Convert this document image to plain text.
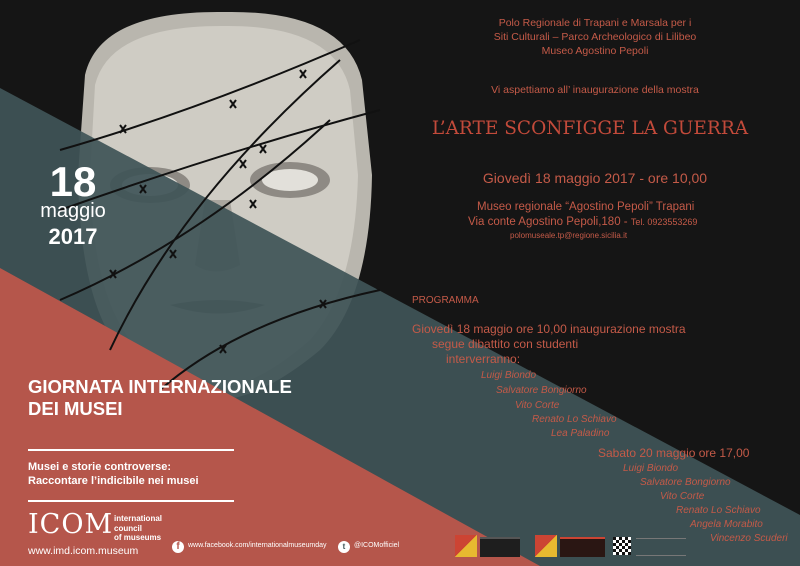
18
maggio
2017
Polo Regionale di Trapani e Marsala per i
Siti Culturali – Parco Archeologico di Lilibeo
Museo Agostino Pepoli
Vi aspettiamo all’ inaugurazione della mostra
L’ARTE SCONFIGGE LA GUERRA
Giovedì 18 maggio 2017 - ore 10,00
Museo regionale “Agostino Pepoli” Trapani
Via conte Agostino Pepoli,180 - Tel. 0923553269
polomuseale.tp@regione.sicilia.it
PROGRAMMA
Giovedì 18 maggio ore 10,00 inaugurazione mostra
segue dibattito con studenti
interverranno:
Luigi Biondo
Salvatore Bongiorno
Vito Corte
Renato Lo Schiavo
Lea Paladino
Sabato 20 maggio ore 17,00
Luigi Biondo
Salvatore Bongiorno
Vito Corte
Renato Lo Schiavo
Angela Morabito
Vincenzo Scuderi
GIORNATA INTERNAZIONALE
DEI MUSEI
Musei e storie controverse:
Raccontare l’indicibile nei musei
ICOM international
council
of museums
www.imd.icom.museum	f	www.facebook.com/internationalmuseumday	t	@ICOMofficiel
